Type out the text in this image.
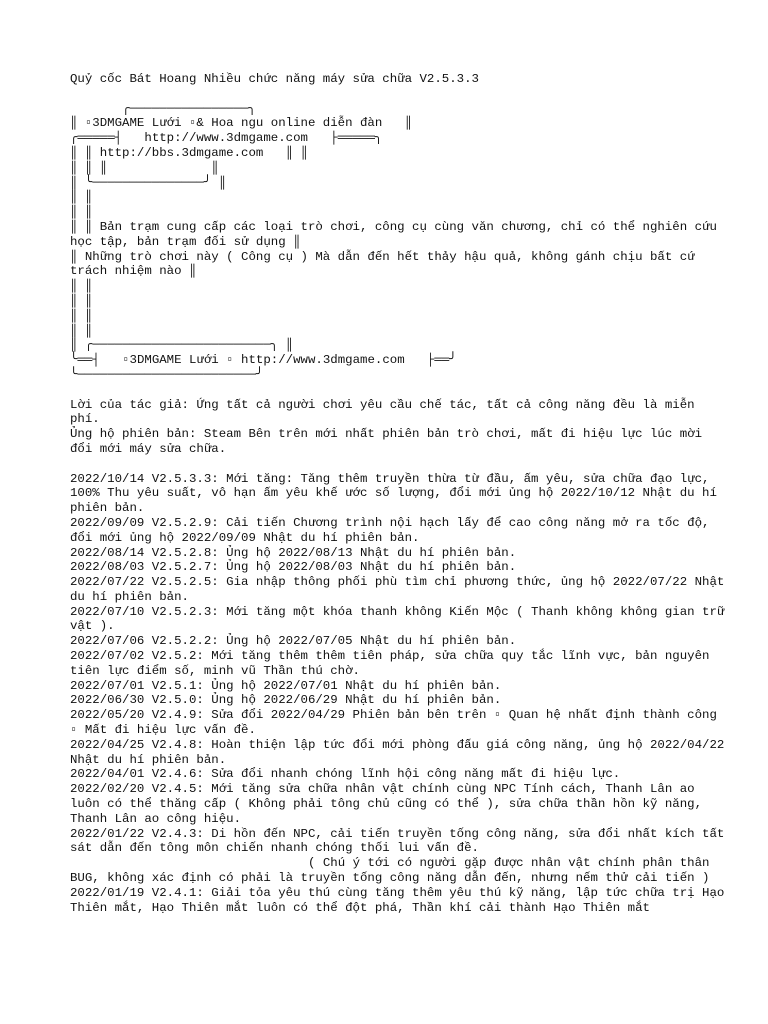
Quỷ cốc Bát Hoang Nhiều chức năng máy sửa chữa V2.5.3.3
╭────────────────╮
║ ▫3DMGAME Lưới ▫& Hoa ngu online diễn đàn   ║
╭═════┤   http://www.3dmgame.com   ├═════╮
║ ║ http://bbs.3dmgame.com   ║ ║
║ ║ ║              ║
║ ╰───────────────╯ ║
║ ║
║ ║
║ ║ Bản trạm cung cấp các loại trò chơi, công cụ cùng văn chương, chỉ có thể nghiên cứu học tập, bản trạm đối sử dụng ║
║ Những trò chơi này ( Công cụ ) Mà dẫn đến hết thảy hậu quả, không gánh chịu bất cứ trách nhiệm nào ║
║ ║
║ ║
║ ║
║ ║
║ ╭────────────────────────╮ ║
╰══┤   ▫3DMGAME Lưới ▫ http://www.3dmgame.com   ├══╯
╰────────────────────────╯
Lời của tác giả: Ứng tất cả người chơi yêu cầu chế tác, tất cả công năng đều là miễn phí.
Ủng hộ phiên bản: Steam Bên trên mới nhất phiên bản trò chơi, mất đi hiệu lực lúc mời đổi mới máy sửa chữa.
2022/10/14 V2.5.3.3: Mới tăng: Tăng thêm truyền thừa từ đầu, ấm yêu, sửa chữa đạo lực, 100% Thu yêu suất, vô hạn ấm yêu khế ước số lượng, đổi mới ủng hộ 2022/10/12 Nhật du hí phiên bản.
2022/09/09 V2.5.2.9: Cải tiến Chương trình nội hạch lấy để cao công năng mở ra tốc độ, đổi mới ủng hộ 2022/09/09 Nhật du hí phiên bản.
2022/08/14 V2.5.2.8: Ủng hộ 2022/08/13 Nhật du hí phiên bản.
2022/08/03 V2.5.2.7: Ủng hộ 2022/08/03 Nhật du hí phiên bản.
2022/07/22 V2.5.2.5: Gia nhập thông phối phù tìm chỉ phương thức, ủng hộ 2022/07/22 Nhật du hí phiên bản.
2022/07/10 V2.5.2.3: Mới tăng một khóa thanh không Kiến Mộc ( Thanh không không gian trữ vật ).
2022/07/06 V2.5.2.2: Ủng hộ 2022/07/05 Nhật du hí phiên bản.
2022/07/02 V2.5.2: Mới tăng thêm thêm tiên pháp, sửa chữa quy tắc lĩnh vực, bản nguyên tiên lực điểm số, minh vũ Thần thú chờ.
2022/07/01 V2.5.1: Ủng hộ 2022/07/01 Nhật du hí phiên bản.
2022/06/30 V2.5.0: Ủng hộ 2022/06/29 Nhật du hí phiên bản.
2022/05/20 V2.4.9: Sửa đổi 2022/04/29 Phiên bản bên trên ▫ Quan hệ nhất định thành công ▫ Mất đi hiệu lực vấn đề.
2022/04/25 V2.4.8: Hoàn thiện lập tức đổi mới phòng đấu giá công năng, ủng hộ 2022/04/22 Nhật du hí phiên bản.
2022/04/01 V2.4.6: Sửa đổi nhanh chóng lĩnh hội công năng mất đi hiệu lực.
2022/02/20 V2.4.5: Mới tăng sửa chữa nhân vật chính cùng NPC Tính cách, Thanh Lân ao luôn có thể thăng cấp ( Không phải tông chủ cũng có thể ), sửa chữa thần hồn kỹ năng, Thanh Lân ao công hiệu.
2022/01/22 V2.4.3: Di hồn đến NPC, cải tiến truyền tống công năng, sửa đổi nhất kích tất sát dẫn đến tông môn chiến nhanh chóng thối lui vấn đề.
( Chú ý tới có người gặp được nhân vật chính phân thân BUG, không xác định có phải là truyền tống công năng dẫn đến, nhưng nếm thử cải tiến )
2022/01/19 V2.4.1: Giải tỏa yêu thú cùng tăng thêm yêu thú kỹ năng, lập tức chữa trị Hạo Thiên mắt, Hạo Thiên mắt luôn có thể đột phá, Thần khí cải thành Hạo Thiên mắt
